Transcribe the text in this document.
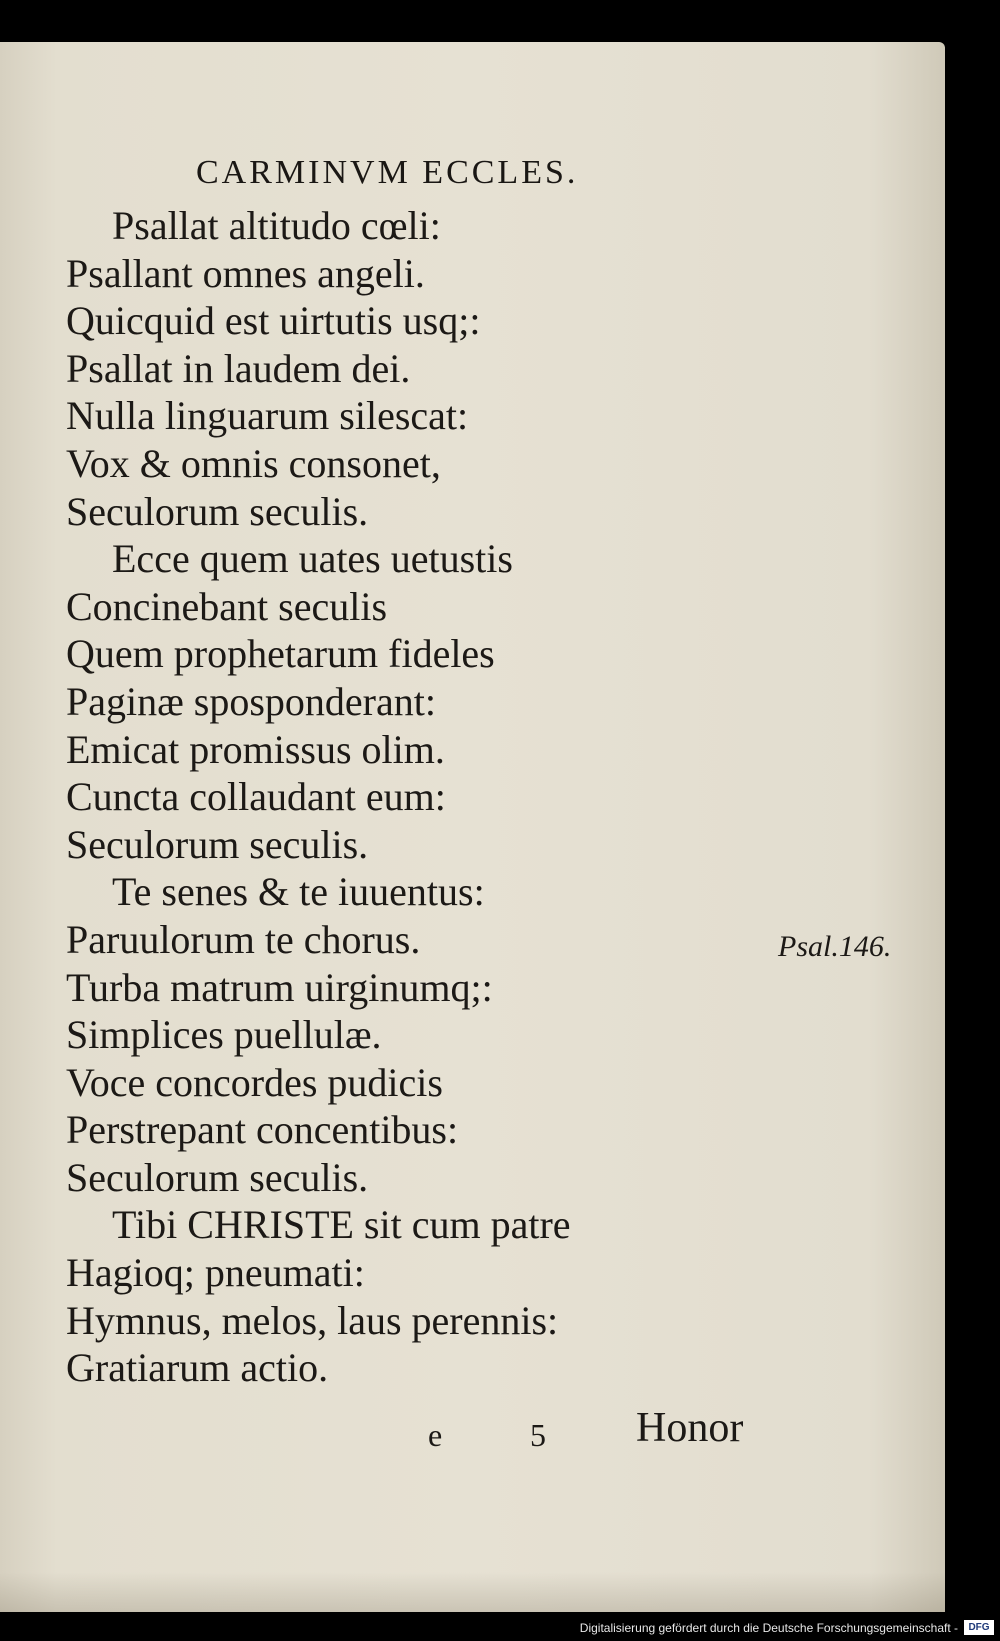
CARMINVM ECCLES.
Psallat altitudo cœli:
Psallant omnes angeli.
Quicquid est uirtutis usq;:
Psallat in laudem dei.
Nulla linguarum silescat:
Vox & omnis consonet,
Seculorum seculis.
Ecce quem uates uetustis
Concinebant seculis
Quem prophetarum fideles
Paginæ sposponderant:
Emicat promissus olim.
Cuncta collaudant eum:
Seculorum seculis.
Te senes & te iuuentus:
Paruulorum te chorus.
Turba matrum uirginumq;:
Simplices puellulæ.
Voce concordes pudicis
Perstrepant concentibus:
Seculorum seculis.
Tibi CHRISTE sit cum patre
Hagioq; pneumati:
Hymnus, melos, laus perennis:
Gratiarum actio.
Psal.146.
e	5 Honor
Digitalisierung gefördert durch die Deutsche Forschungsgemeinschaft -	DFG
